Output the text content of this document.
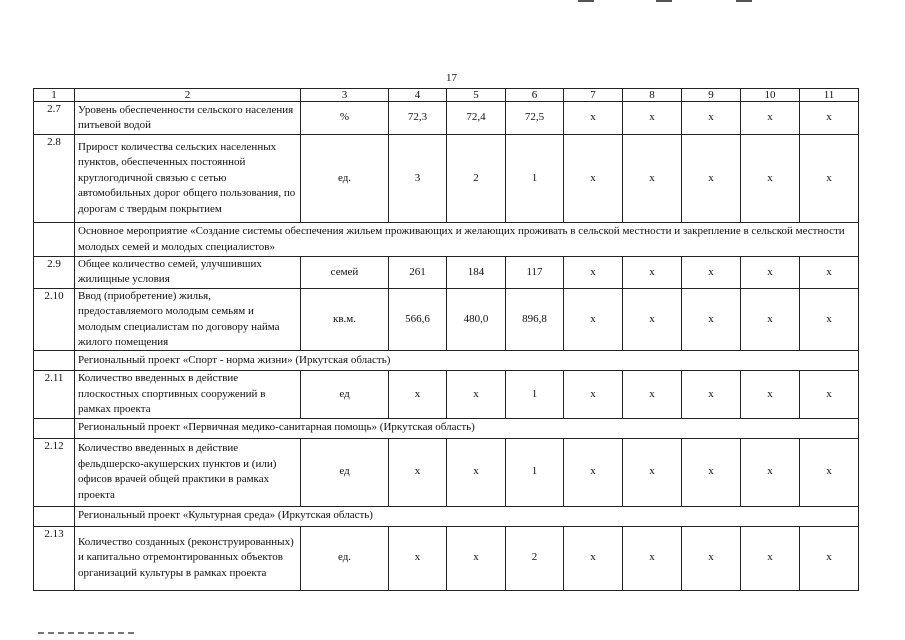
17
1	2	3	4	5	6	7	8	9	10	11
2.7	Уровень обеспеченности сельского населения питьевой водой	%	72,3	72,4	72,5	x	x	x	x	x
2.8	Прирост количества сельских населенных пунктов, обеспеченных постоянной круглогодичной связью с сетью автомобильных дорог общего пользования, по дорогам с твердым покрытием	ед.	3	2	1	x	x	x	x	x
	Основное мероприятие «Создание системы обеспечения жильем проживающих и желающих проживать в сельской местности и закрепление в сельской местности молодых семей и молодых специалистов»									
2.9	Общее количество семей, улучшивших жилищные условия	семей	261	184	117	x	x	x	x	x
2.10	Ввод (приобретение) жилья, предоставляемого молодым семьям и молодым специалистам по договору найма жилого помещения	кв.м.	566,6	480,0	896,8	x	x	x	x	x
	Региональный проект «Спорт - норма жизни» (Иркутская область)									
2.11	Количество введенных в действие плоскостных спортивных сооружений в рамках проекта	ед	x	x	1	x	x	x	x	x
	Региональный проект «Первичная медико-санитарная помощь» (Иркутская область)									
2.12	Количество введенных в действие фельдшерско-акушерских пунктов и (или) офисов врачей общей практики в рамках проекта	ед	x	x	1	x	x	x	x	x
	Региональный проект «Культурная среда» (Иркутская область)									
2.13	Количество созданных (реконструированных) и капитально отремонтированных объектов организаций культуры в рамках проекта	ед.	x	x	2	x	x	x	x	x
